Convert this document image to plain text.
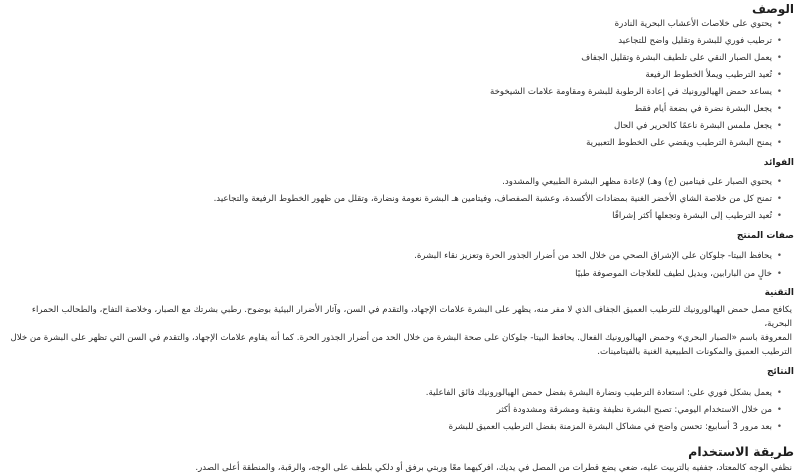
الوصف
• يحتوي على خلاصات الأعشاب البحرية النادرة
• ترطيب فوري للبشرة وتقليل واضح للتجاعيد
• يعمل الصبار النقي على تلطيف البشرة وتقليل الجفاف
• تُعيد الترطيب ويملأ الخطوط الرفيعة
• يساعد حمض الهيالورونيك في إعادة الرطوبة للبشرة ومقاومة علامات الشيخوخة
• يجعل البشرة نضرة في بضعة أيام فقط
• يجعل ملمس البشرة ناعمًا كالحرير في الحال
• يمنح البشرة الترطيب ويقضي على الخطوط التعبيرية
الفوائد
• يحتوي الصبار على فيتامين (ج) وهـ) لإعادة مظهر البشرة الطبيعي والمشدود.
• تمنح كل من خلاصة الشاي الأخضر الغنية بمضادات الأكسدة، وعشبة الصفصاف، وفيتامين هـ البشرة نعومة ونضارة، وتقلل من ظهور الخطوط الرفيعة والتجاعيد.
• تُعيد الترطيب إلى البشرة وتجعلها أكثر إشراقًا
صفات المنتج
• يحافظ البيتا- جلوكان على الإشراق الصحي من خلال الحد من أضرار الجذور الحرة وتعزيز نقاء البشرة.
• خالٍ من البارابين، وبديل لطيف للعلاجات الموصوفة طبيًا
التقنية

يكافح مصل حمض الهيالورونيك للترطيب العميق الجفاف الذي لا مفر منه، يظهر على البشرة علامات الإجهاد، والتقدم في السن، وآثار الأضرار البيئية بوضوح. رطبي بشرتك مع الصبار، وخلاصة التفاح، والطحالب الحمراء البحرية،
المعروفة باسم «الصبار البحري» وحمض الهيالورونيك الفعال. يحافظ البيتا- جلوكان على صحة البشرة من خلال الحد من أضرار الجذور الحرة. كما أنه يقاوم علامات الإجهاد، والتقدم في السن التي تظهر على البشرة من خلال
الترطيب العميق والمكونات الطبيعية الغنية بالفيتامينات.

النتائج
• يعمل بشكل فوري على: استعادة الترطيب ونضارة البشرة بفضل حمض الهيالورونيك فائق الفاعلية.
• من خلال الاستخدام اليومي: تصبح البشرة نظيفة ونقية ومشرقة ومشدودة أكثر
• بعد مرور 3 أسابيع: تحسن واضح في مشاكل البشرة المزمنة بفضل الترطيب العميق للبشرة
طريقة الاستخدام

نظفي الوجه كالمعتاد، جففيه بالتربيت عليه، ضعي يضع قطرات من المصل في يديك، افركيهما معًا وربتي برفق أو دلكي بلطف على الوجه، والرقبة، والمنطقة أعلى الصدر.
